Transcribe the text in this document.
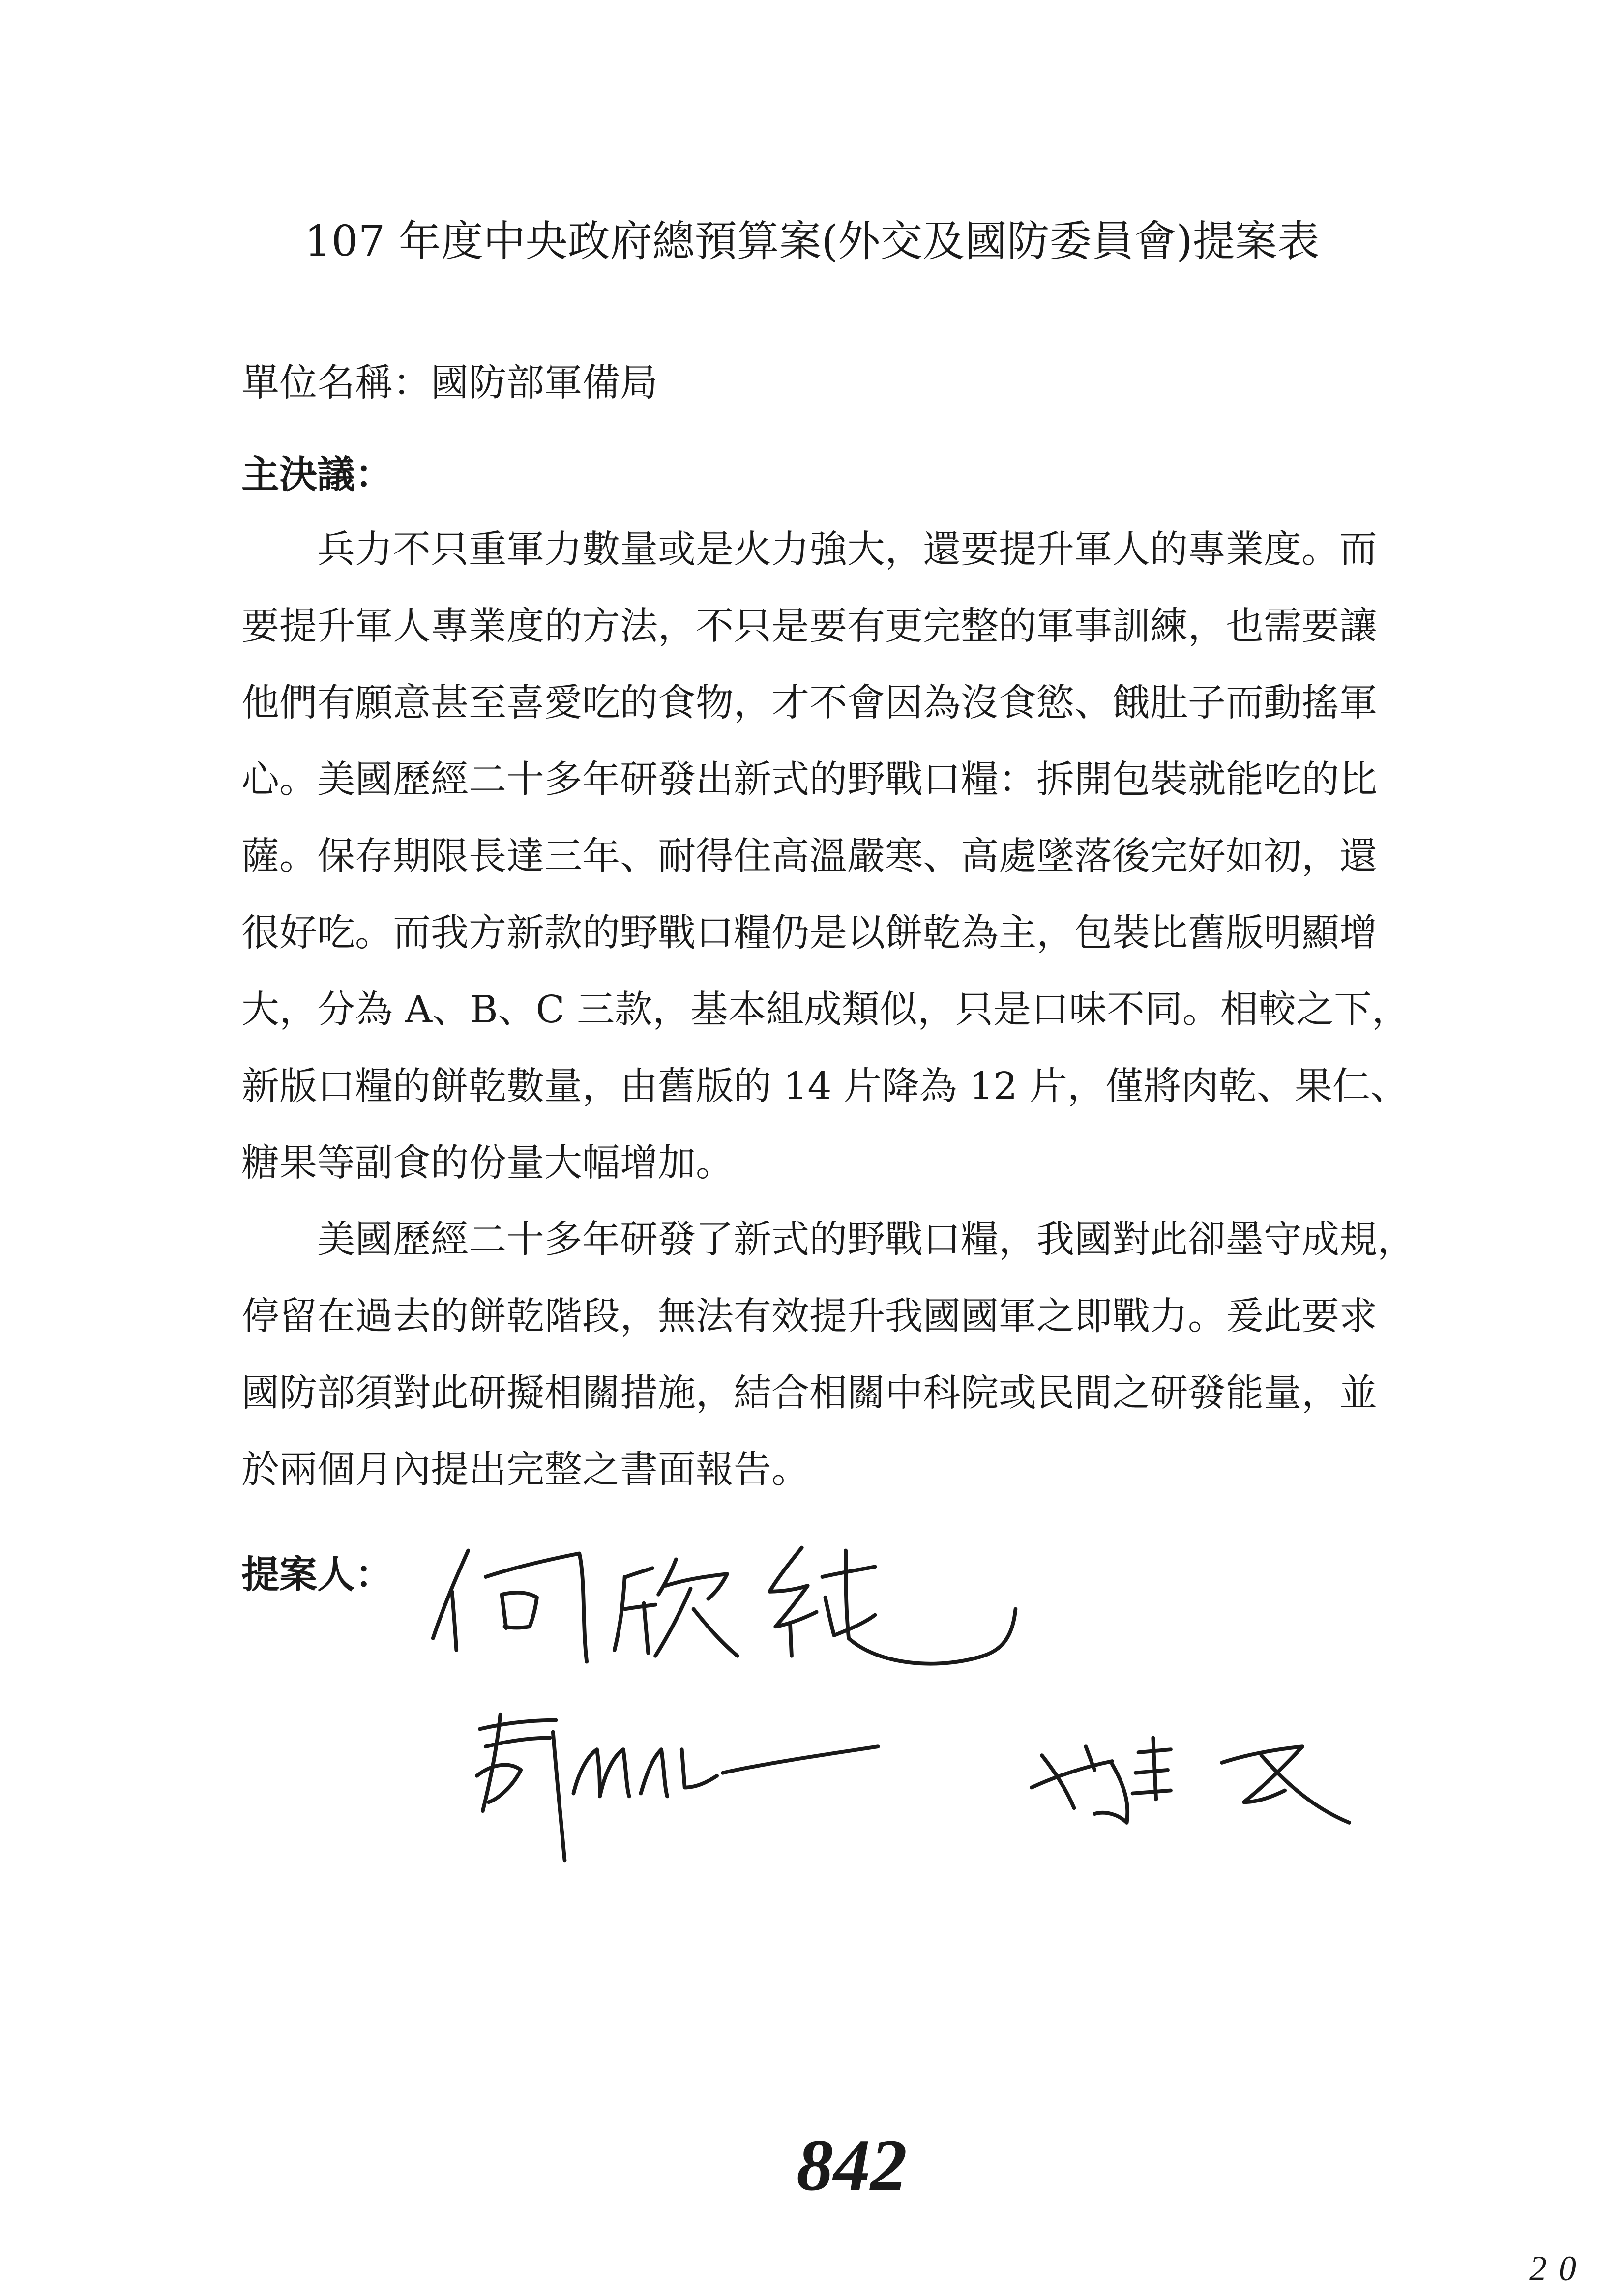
107 年度中央政府總預算案(外交及國防委員會)提案表
單位名稱：國防部軍備局
主決議：
兵力不只重軍力數量或是火力強大，還要提升軍人的專業度。而
要提升軍人專業度的方法，不只是要有更完整的軍事訓練，也需要讓
他們有願意甚至喜愛吃的食物，才不會因為沒食慾、餓肚子而動搖軍
心。美國歷經二十多年研發出新式的野戰口糧：拆開包裝就能吃的比
薩。保存期限長達三年、耐得住高溫嚴寒、高處墜落後完好如初，還
很好吃。而我方新款的野戰口糧仍是以餅乾為主，包裝比舊版明顯增
大，分為 A、B、C 三款，基本組成類似，只是口味不同。相較之下，
新版口糧的餅乾數量，由舊版的 14 片降為 12 片，僅將肉乾、果仁、
糖果等副食的份量大幅增加。
美國歷經二十多年研發了新式的野戰口糧，我國對此卻墨守成規，
停留在過去的餅乾階段，無法有效提升我國國軍之即戰力。爰此要求
國防部須對此研擬相關措施，結合相關中科院或民間之研發能量，並
於兩個月內提出完整之書面報告。
提案人：
842
20
